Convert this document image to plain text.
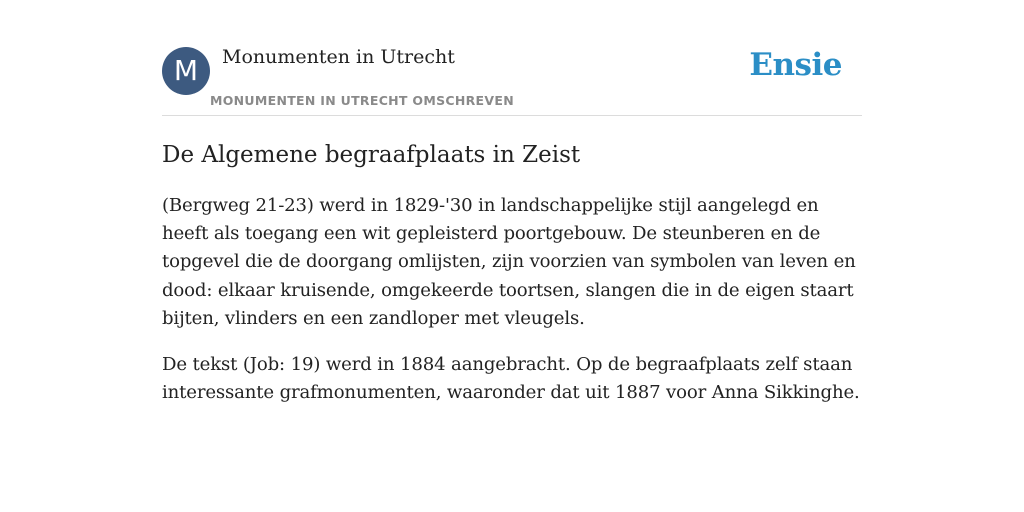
M	Monumenten in Utrecht
MONUMENTEN IN UTRECHT OMSCHREVEN
Ensie
De Algemene begraafplaats in Zeist

(Bergweg 21-23) werd in 1829-'30 in landschappelijke stijl aangelegd en heeft als toegang een wit gepleisterd poortgebouw. De steunberen en de topgevel die de doorgang omlijsten, zijn voorzien van symbolen van leven en dood: elkaar kruisende, omgekeerde toortsen, slangen die in de eigen staart bijten, vlinders en een zandloper met vleugels.

De tekst (Job: 19) werd in 1884 aangebracht. Op de begraafplaats zelf staan interessante grafmonumenten, waaronder dat uit 1887 voor Anna Sikkinghe.
